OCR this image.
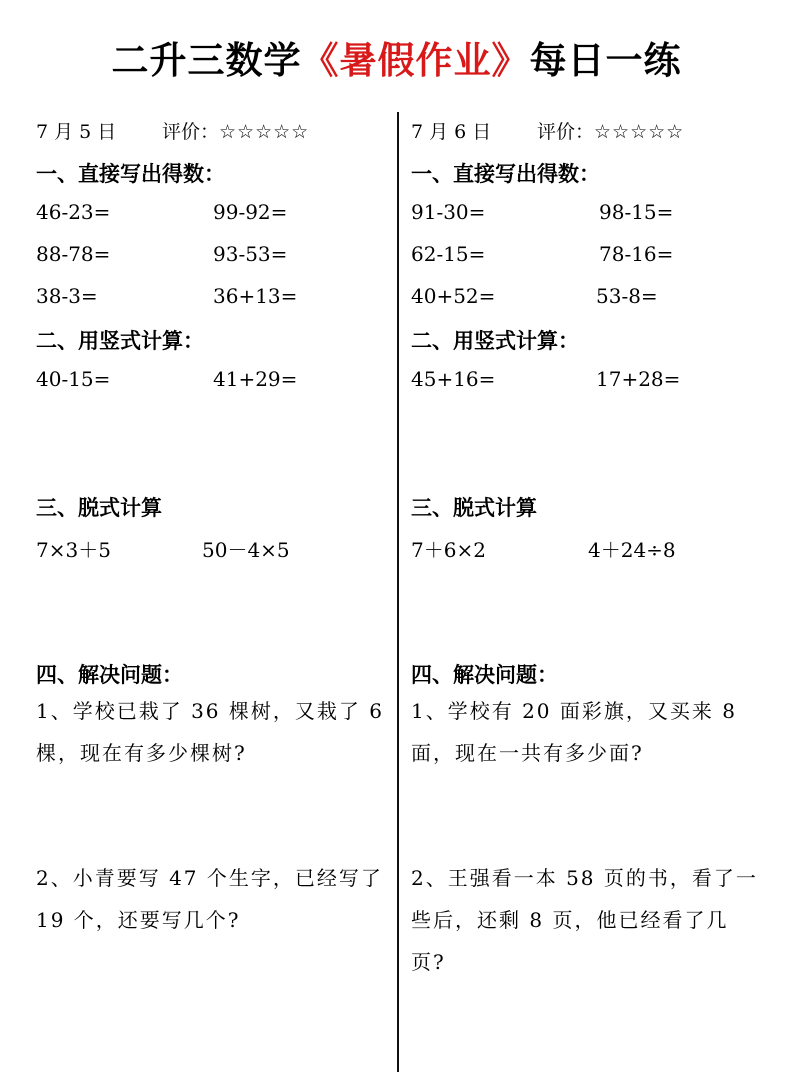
二升三数学《暑假作业》每日一练
7 月 5 日 评价：☆☆☆☆☆
一、直接写出得数：
46-23=	99-92=
88-78=	93-53=
38-3=	36+13=
二、用竖式计算：
40-15=	41+29=
三、脱式计算
7×3＋5	50－4×5
四、解决问题：
1、学校已栽了 36 棵树，又栽了 6 棵，现在有多少棵树?
2、小青要写 47 个生字，已经写了 19 个，还要写几个?
7 月 6 日 评价：☆☆☆☆☆
一、直接写出得数：
91-30=	98-15=
62-15=	78-16=
40+52=	53-8=
二、用竖式计算：
45+16=	17+28=
三、脱式计算
7＋6×2	4＋24÷8
四、解决问题：
1、学校有 20 面彩旗，又买来 8 面，现在一共有多少面?
2、王强看一本 58 页的书，看了一些后，还剩 8 页，他已经看了几页?
